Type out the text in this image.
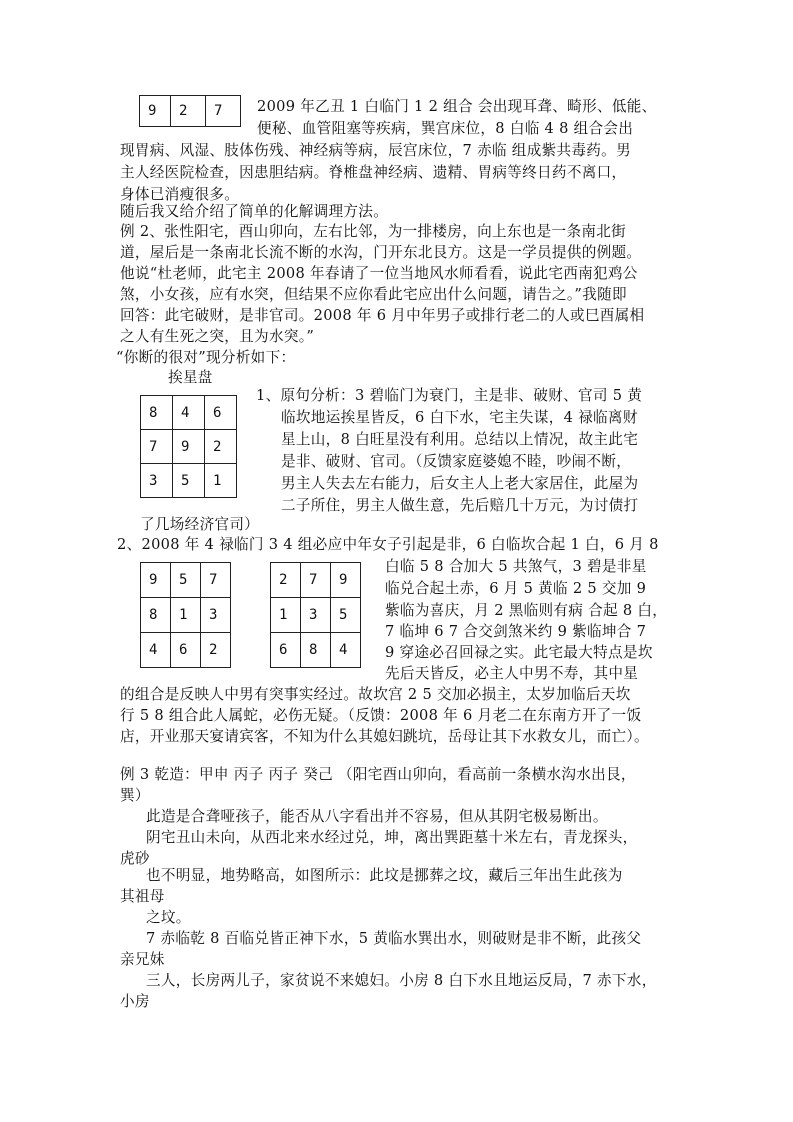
9	2	7 2009 年乙丑 1 白临门 1 2 组合 会出现耳聋、畸形、低能、
便秘、血管阻塞等疾病，巽宫床位，8 白临 4 8 组合会出
现胃病、风湿、肢体伤残、神经病等病，辰宫床位，7 赤临 组成紫共毒药。男
主人经医院检查，因患胆结病。脊椎盘神经病、遗精、胃病等终日药不离口，
身体已消瘦很多。
随后我又给介绍了简单的化解调理方法。
例 2、张性阳宅，酉山卯向，左右比邻，为一排楼房，向上东也是一条南北街
道，屋后是一条南北长流不断的水沟，门开东北艮方。这是一学员提供的例题。
他说“杜老师，此宅主 2008 年春请了一位当地风水师看看，说此宅西南犯鸡公
煞，小女孩，应有水突，但结果不应你看此宅应出什么问题，请告之。”我随即
回答：此宅破财，是非官司。2008 年 6 月中年男子或排行老二的人或巳酉属相
之人有生死之突，且为水突。”
“你断的很对”现分析如下：
挨星盘
8	4	6
7	9	2
3	5	1
1、原句分析：3 碧临门为衰门，主是非、破财、官司 5 黄
临坎地运挨星皆反，6 白下水，宅主失谋，4 禄临离财
星上山，8 白旺星没有利用。总结以上情况，故主此宅
是非、破财、官司。（反馈家庭婆媳不睦，吵闹不断，
男主人失去左右能力，后女主人上老大家居住，此屋为
二子所住，男主人做生意，先后赔几十万元，为讨债打
了几场经济官司）
2、2008 年 4 禄临门 3 4 组必应中年女子引起是非，6 白临坎合起 1 白，6 月 8
9	5	7
8	1	3
4	6	2
2	7	9
1	3	5
6	8	4
白临 5 8 合加大 5 共煞气，3 碧是非星
临兑合起土赤，6 月 5 黄临 2 5 交加 9
紫临为喜庆，月 2 黑临则有病 合起 8 白，
7 临坤 6 7 合交剑煞米约 9 紫临坤合 7
9 穿途必召回禄之实。此宅最大特点是坎
先后天皆反，必主人中男不寿，其中星
的组合是反映人中男有突事实经过。故坎宫 2 5 交加必损主，太岁加临后天坎
行 5 8 组合此人属蛇，必伤无疑。（反馈：2008 年 6 月老二在东南方开了一饭
店，开业那天宴请宾客，不知为什么其媳妇跳坑，岳母让其下水救女儿，而亡）。
例 3 乾造：甲申 丙子 丙子 癸己 （阳宅酉山卯向，看高前一条横水沟水出艮，
巽）
此造是合聋哑孩子，能否从八字看出并不容易，但从其阴宅极易断出。
阴宅丑山未向，从西北来水经过兑，坤，离出巽距墓十米左右，青龙探头，
虎砂
也不明显，地势略高，如图所示：此坟是挪葬之坟，藏后三年出生此孩为
其祖母
之坟。
7 赤临乾 8 百临兑皆正神下水，5 黄临水巽出水，则破财是非不断，此孩父
亲兄妹
三人，长房两儿子，家贫说不来媳妇。小房 8 白下水且地运反局，7 赤下水，
小房
